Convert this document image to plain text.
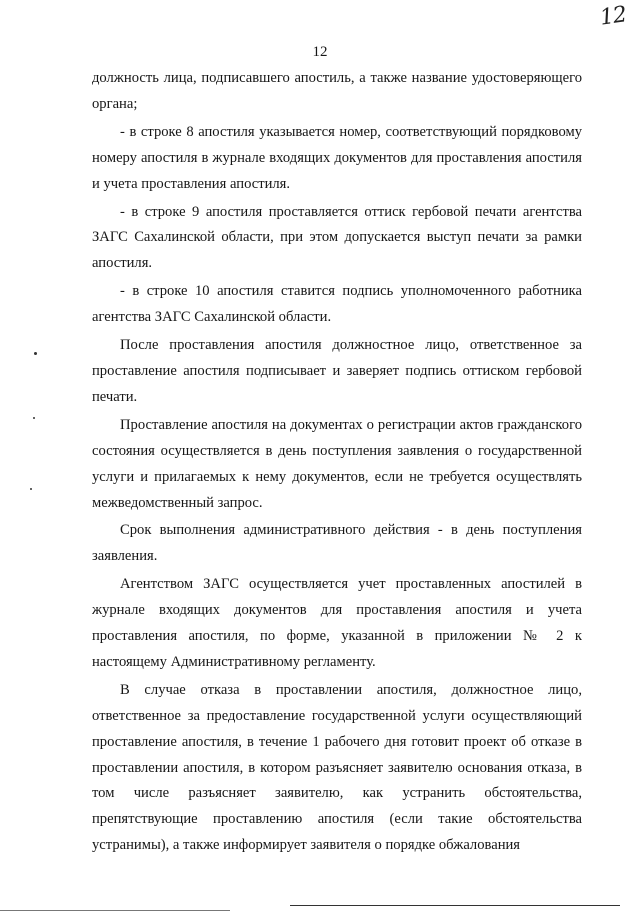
12
12

должность лица, подписавшего апостиль, а также название удостоверяющего органа;

- в строке 8 апостиля указывается номер, соответствующий порядковому номеру апостиля в журнале входящих документов для проставления апостиля и учета проставления апостиля.

- в строке 9 апостиля проставляется оттиск гербовой печати агентства ЗАГС Сахалинской области, при этом допускается выступ печати за рамки апостиля.

- в строке 10 апостиля ставится подпись уполномоченного работника агентства ЗАГС Сахалинской области.

После проставления апостиля должностное лицо, ответственное за проставление апостиля подписывает и заверяет подпись оттиском гербовой печати.

Проставление апостиля на документах о регистрации актов гражданского состояния осуществляется в день поступления заявления о государственной услуги и прилагаемых к нему документов, если не требуется осуществлять межведомственный запрос.

Срок выполнения административного действия - в день поступления заявления.

Агентством ЗАГС осуществляется учет проставленных апостилей в журнале входящих документов для проставления апостиля и учета проставления апостиля, по форме, указанной в приложении № 2 к настоящему Административному регламенту.

В случае отказа в проставлении апостиля, должностное лицо, ответственное за предоставление государственной услуги осуществляющий проставление апостиля, в течение 1 рабочего дня готовит проект об отказе в проставлении апостиля, в котором разъясняет заявителю основания отказа, в том числе разъясняет заявителю, как устранить обстоятельства, препятствующие проставлению апостиля (если такие обстоятельства устранимы), а также информирует заявителя о порядке обжалования
